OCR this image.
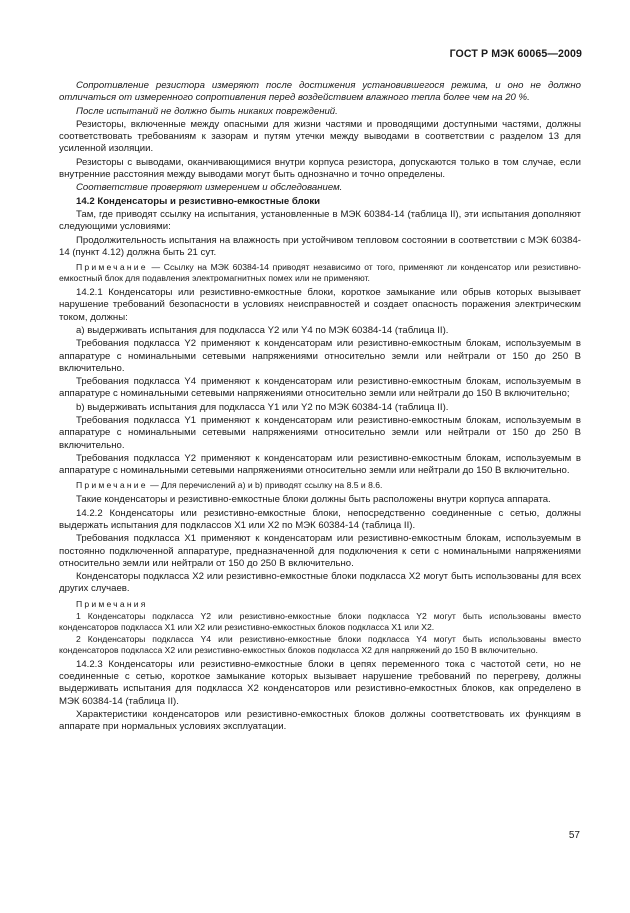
ГОСТ Р МЭК 60065—2009

Сопротивление резистора измеряют после достижения установившегося режима, и оно не должно отличаться от измеренного сопротивления перед воздействием влажного тепла более чем на 20 %.

После испытаний не должно быть никаких повреждений.

Резисторы, включенные между опасными для жизни частями и проводящими доступными частями, должны соответствовать требованиям к зазорам и путям утечки между выводами в соответствии с разделом 13 для усиленной изоляции.

Резисторы с выводами, оканчивающимися внутри корпуса резистора, допускаются только в том случае, если внутренние расстояния между выводами могут быть однозначно и точно определены.

Соответствие проверяют измерением и обследованием.

14.2 Конденсаторы и резистивно-емкостные блоки

Там, где приводят ссылку на испытания, установленные в МЭК 60384-14 (таблица II), эти испытания дополняют следующими условиями:

Продолжительность испытания на влажность при устойчивом тепловом состоянии в соответствии с МЭК 60384-14 (пункт 4.12) должна быть 21 сут.

Примечание — Ссылку на МЭК 60384-14 приводят независимо от того, применяют ли конденсатор или резистивно-емкостный блок для подавления электромагнитных помех или не применяют.

14.2.1 Конденсаторы или резистивно-емкостные блоки, короткое замыкание или обрыв которых вызывает нарушение требований безопасности в условиях неисправностей и создает опасность поражения электрическим током, должны:

а) выдерживать испытания для подкласса Y2 или Y4 по МЭК 60384-14 (таблица II).

Требования подкласса Y2 применяют к конденсаторам или резистивно-емкостным блокам, используемым в аппаратуре с номинальными сетевыми напряжениями относительно земли или нейтрали от 150 до 250 В включительно.

Требования подкласса Y4 применяют к конденсаторам или резистивно-емкостным блокам, используемым в аппаратуре с номинальными сетевыми напряжениями относительно земли или нейтрали до 150 В включительно;

b) выдерживать испытания для подкласса Y1 или Y2 по МЭК 60384-14 (таблица II).

Требования подкласса Y1 применяют к конденсаторам или резистивно-емкостным блокам, используемым в аппаратуре с номинальными сетевыми напряжениями относительно земли или нейтрали от 150 до 250 В включительно.

Требования подкласса Y2 применяют к конденсаторам или резистивно-емкостным блокам, используемым в аппаратуре с номинальными сетевыми напряжениями относительно земли или нейтрали до 150 В включительно.

Примечание — Для перечислений a) и b) приводят ссылку на 8.5 и 8.6.

Такие конденсаторы и резистивно-емкостные блоки должны быть расположены внутри корпуса аппарата.

14.2.2 Конденсаторы или резистивно-емкостные блоки, непосредственно соединенные с сетью, должны выдержать испытания для подклассов X1 или X2 по МЭК 60384-14 (таблица II).

Требования подкласса X1 применяют к конденсаторам или резистивно-емкостным блокам, используемым в постоянно подключенной аппаратуре, предназначенной для подключения к сети с номинальными напряжениями относительно земли или нейтрали от 150 до 250 В включительно.

Конденсаторы подкласса X2 или резистивно-емкостные блоки подкласса X2 могут быть использованы для всех других случаев.

Примечания

1 Конденсаторы подкласса Y2 или резистивно-емкостные блоки подкласса Y2 могут быть использованы вместо конденсаторов подкласса X1 или X2 или резистивно-емкостных блоков подкласса X1 или X2.

2 Конденсаторы подкласса Y4 или резистивно-емкостные блоки подкласса Y4 могут быть использованы вместо конденсаторов подкласса X2 или резистивно-емкостных блоков подкласса X2 для напряжений до 150 В включительно.

14.2.3 Конденсаторы или резистивно-емкостные блоки в цепях переменного тока с частотой сети, но не соединенные с сетью, короткое замыкание которых вызывает нарушение требований по перегреву, должны выдерживать испытания для подкласса X2 конденсаторов или резистивно-емкостных блоков, как определено в МЭК 60384-14 (таблица II).

Характеристики конденсаторов или резистивно-емкостных блоков должны соответствовать их функциям в аппарате при нормальных условиях эксплуатации.

57
